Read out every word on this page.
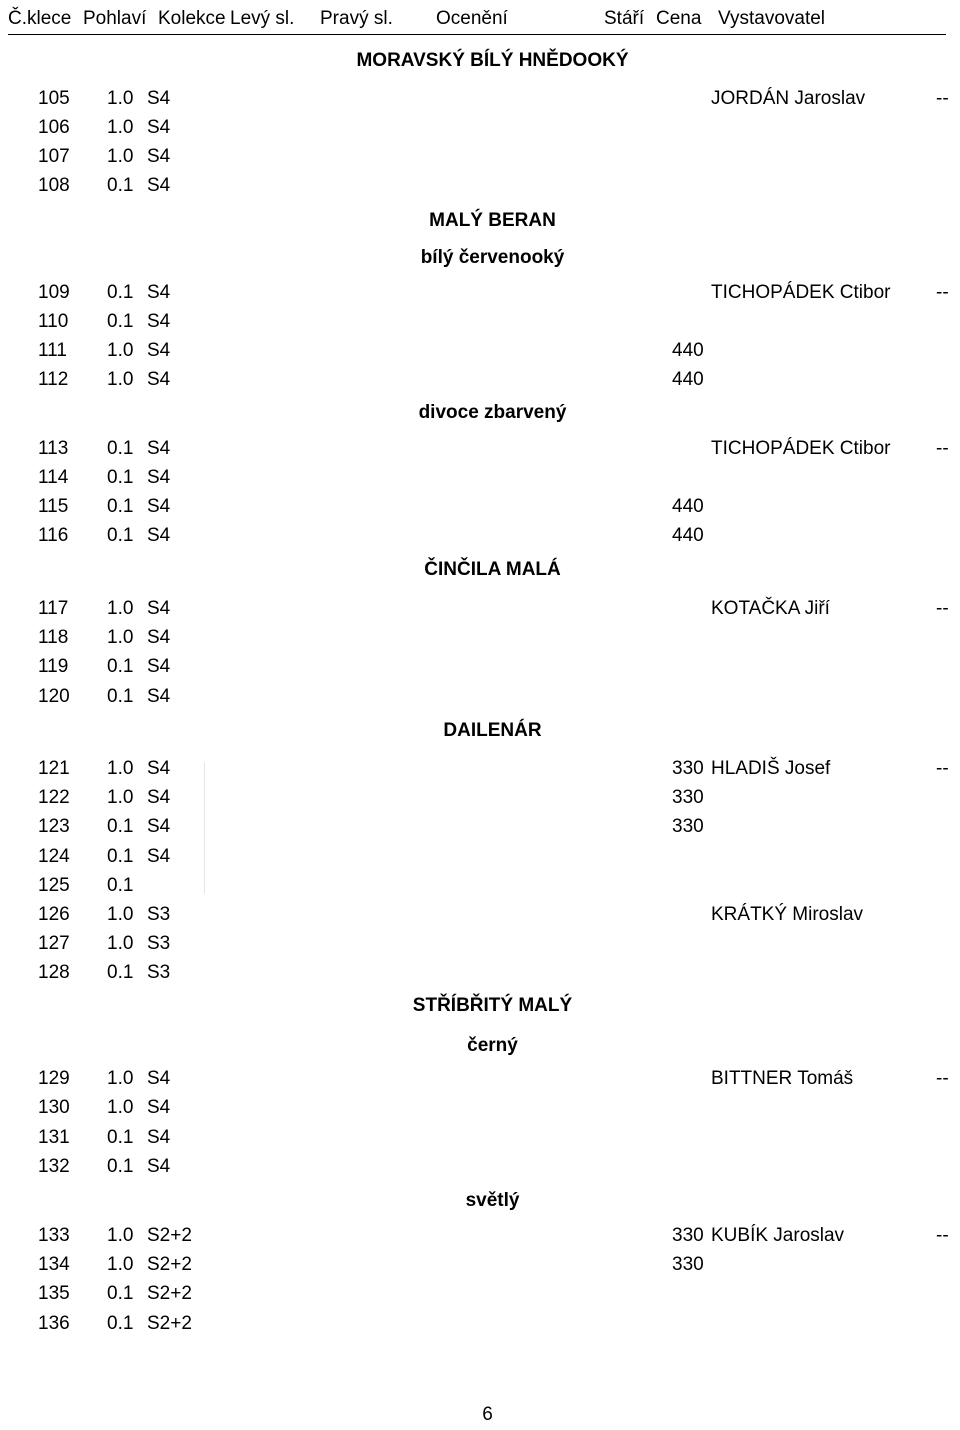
Č.klece Pohlaví Kolekce Levý sl. Pravý sl. Ocenění	Stáří Cena Vystavovatel
MORAVSKÝ BÍLÝ HNĚDOOKÝ
105 1.0 S4	JORDÁN Jaroslav	--
106 1.0 S4
107 1.0 S4
108 0.1 S4
MALÝ BERAN
bílý červenooký
109 0.1 S4	TICHOPÁDEK Ctibor --
110 0.1 S4
111 1.0 S4	440
112 1.0 S4	440
divoce zbarvený
113 0.1 S4	TICHOPÁDEK Ctibor --
114 0.1 S4
115 0.1 S4	440
116 0.1 S4	440
ČINČILA MALÁ
117 1.0 S4	KOTAČKA Jiří	--
118 1.0 S4
119 0.1 S4
120 0.1 S4
DAILENÁR
121 1.0 S4	330 HLADIŠ Josef	--
122 1.0 S4	330
123 0.1 S4	330
124 0.1 S4
125 0.1
126 1.0 S3	KRÁTKÝ Miroslav
127 1.0 S3
128 0.1 S3
STŘÍBŘITÝ MALÝ
černý
129 1.0 S4	BITTNER Tomáš	--
130 1.0 S4
131 0.1 S4
132 0.1 S4
světlý
133 1.0 S2+2	330 KUBÍK Jaroslav	--
134 1.0 S2+2	330
135 0.1 S2+2
136 0.1 S2+2
6
